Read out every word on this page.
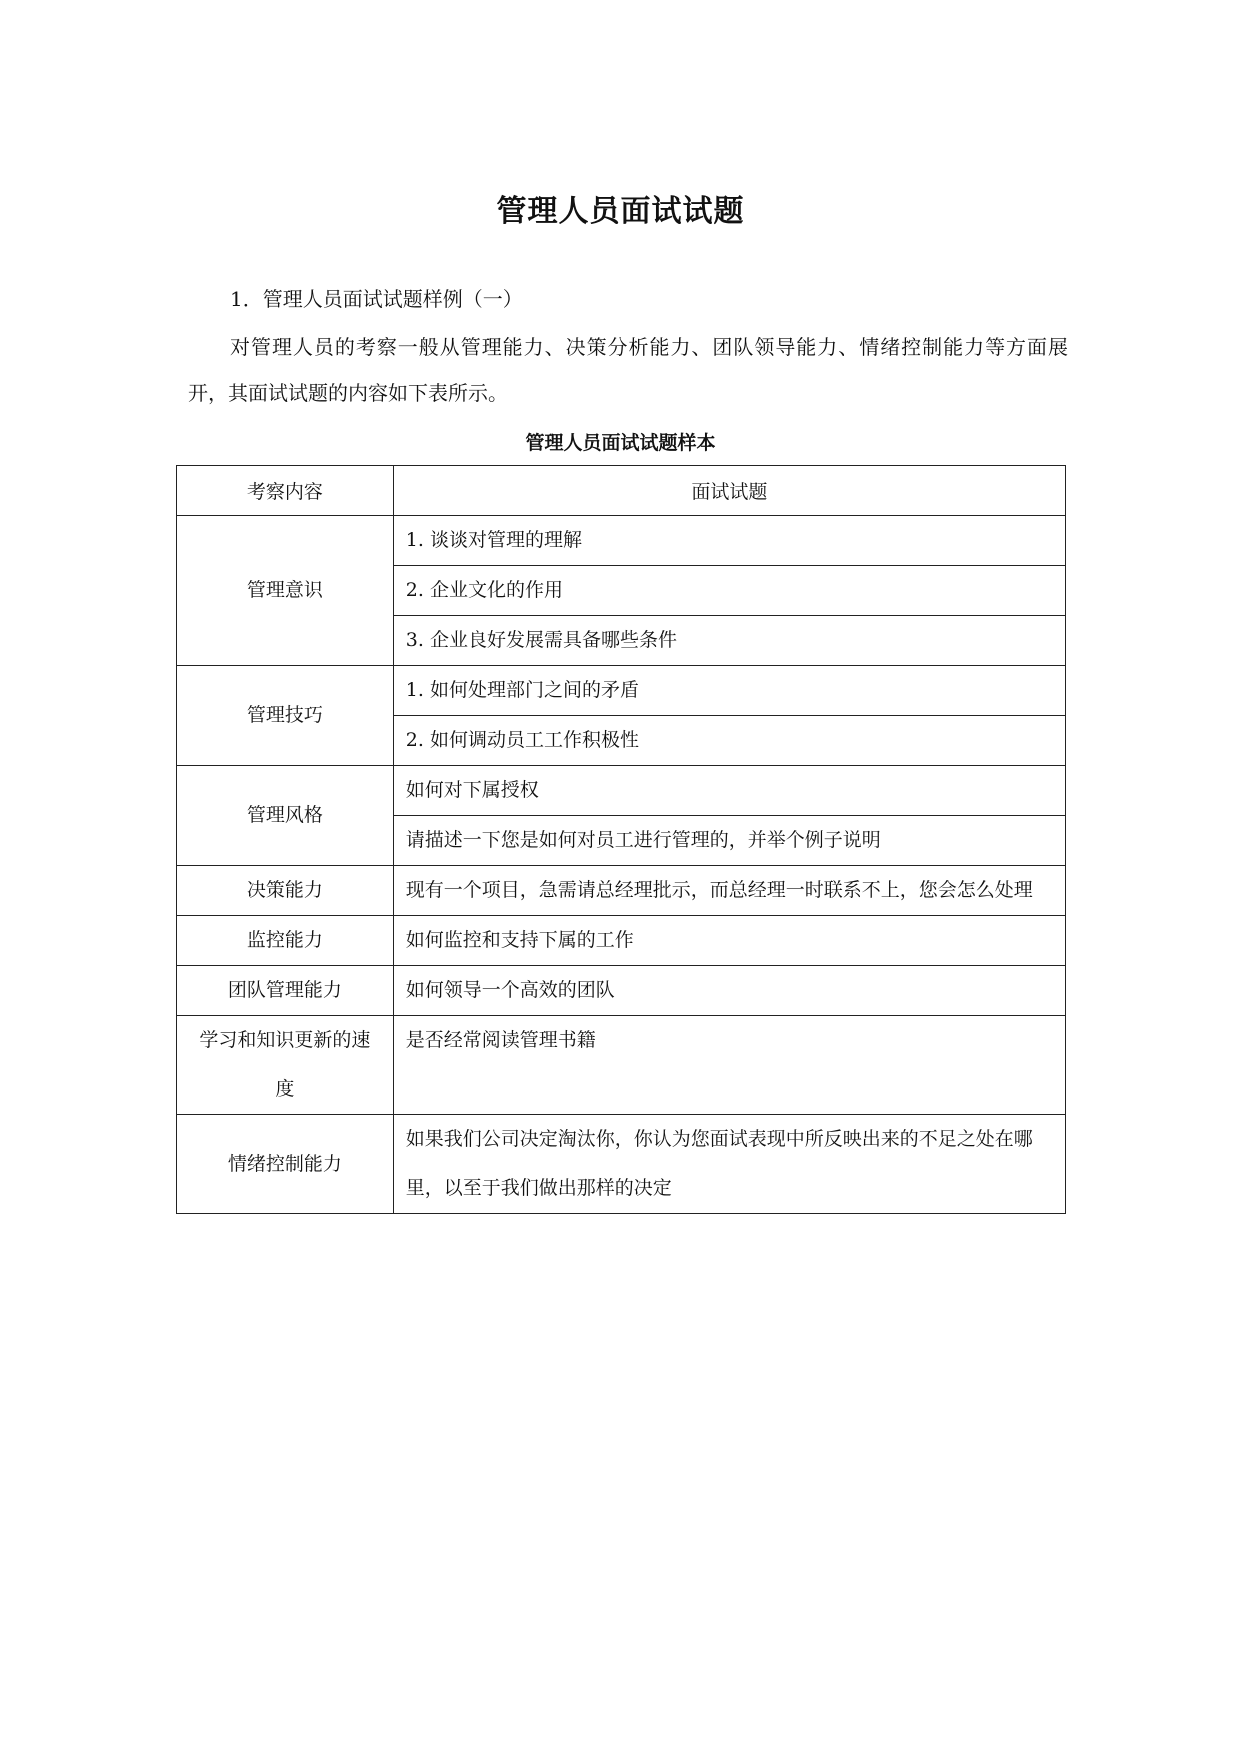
管理人员面试试题

1．管理人员面试试题样例（一）

对管理人员的考察一般从管理能力、决策分析能力、团队领导能力、情绪控制能力等方面展开，其面试试题的内容如下表所示。

管理人员面试试题样本

考察内容	面试试题
管理意识	1. 谈谈对管理的理解
	2. 企业文化的作用
	3. 企业良好发展需具备哪些条件
管理技巧	1. 如何处理部门之间的矛盾
	2. 如何调动员工工作积极性
管理风格	如何对下属授权
	请描述一下您是如何对员工进行管理的，并举个例子说明
决策能力	现有一个项目，急需请总经理批示，而总经理一时联系不上，您会怎么处理
监控能力	如何监控和支持下属的工作
团队管理能力	如何领导一个高效的团队
学习和知识更新的速度	是否经常阅读管理书籍
情绪控制能力	如果我们公司决定淘汰你，你认为您面试表现中所反映出来的不足之处在哪里，以至于我们做出那样的决定
